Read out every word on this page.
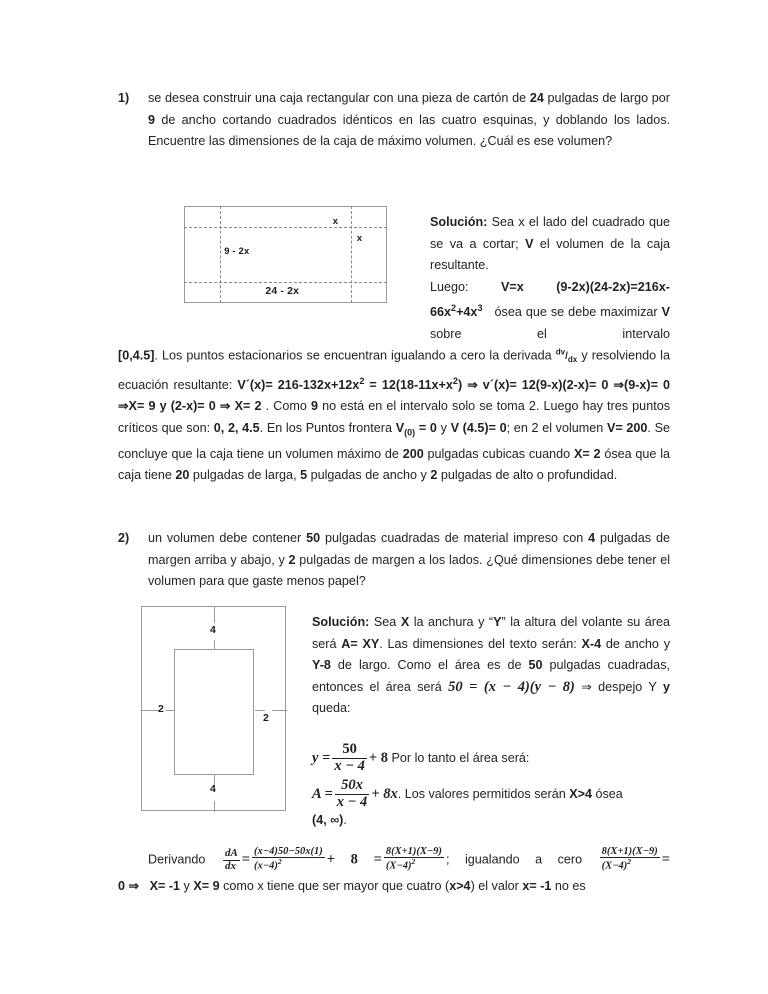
1) se desea construir una caja rectangular con una pieza de cartón de 24 pulgadas de largo por 9 de ancho cortando cuadrados idénticos en las cuatro esquinas, y doblando los lados. Encuentre las dimensiones de la caja de máximo volumen. ¿Cuál es ese volumen?
9 - 2x
24 - 2x
x
x

Solución: Sea x el lado del cuadrado que se va a cortar; V el volumen de la caja resultante.

Luego:	V=x	$(9-2x)(24-2x)=216x-66x^2+4x^3$ ósea que se debe maximizar V sobre el intervalo

[0,4.5]. Los puntos estacionarios se encuentran igualando a cero la derivada $^{dv}/_{dx}$ y resolviendo la ecuación resultante: V´(x)= $216-132x+12x^2 = 12(18-11x+x^2)$ ⇒ v´(x)= 12(9-x)(2-x)= 0 ⇒(9-x)= 0 ⇒X= 9 y (2-x)= 0 ⇒ X= 2 . Como 9 no está en el intervalo solo se toma 2. Luego hay tres puntos críticos que son: 0, 2, 4.5. En los Puntos frontera $V_{(0)} = 0$ y V (4.5)= 0; en 2 el volumen V= 200. Se concluye que la caja tiene un volumen máximo de 200 pulgadas cubicas cuando X= 2 ósea que la caja tiene 20 pulgadas de larga, 5 pulgadas de ancho y 2 pulgadas de alto o profundidad.
2) un volumen debe contener 50 pulgadas cuadradas de material impreso con 4 pulgadas de margen arriba y abajo, y 2 pulgadas de margen a los lados. ¿Qué dimensiones debe tener el volumen para que gaste menos papel?
4
4
2
2

Solución: Sea X la anchura y “Y” la altura del volante su área será A= XY. Las dimensiones del texto serán: X-4 de ancho y Y-8 de largo. Como el área es de 50 pulgadas cuadradas, entonces el área será 50 = (x − 4)(y − 8) ⇒ despejo Y y queda:

$y = \frac{50}{x - 4} + 8$ Por lo tanto el área será:
$A = \frac{50x}{x - 4} + 8x$. Los valores permitidos serán X>4 ósea
(4, ∞).
Derivando $\frac{dA}{dx} = \frac{(x-4)50-50x(1)}{(x-4)^2} + 8 = \frac{8(X+1)(X-9)}{(X-4)^2}$ ; igualando a cero $\frac{8(X+1)(X-9)}{(X-4)^2}$ =
0 ⇒ X= -1 y X= 9 como x tiene que ser mayor que cuatro (x>4) el valor x= -1 no es
